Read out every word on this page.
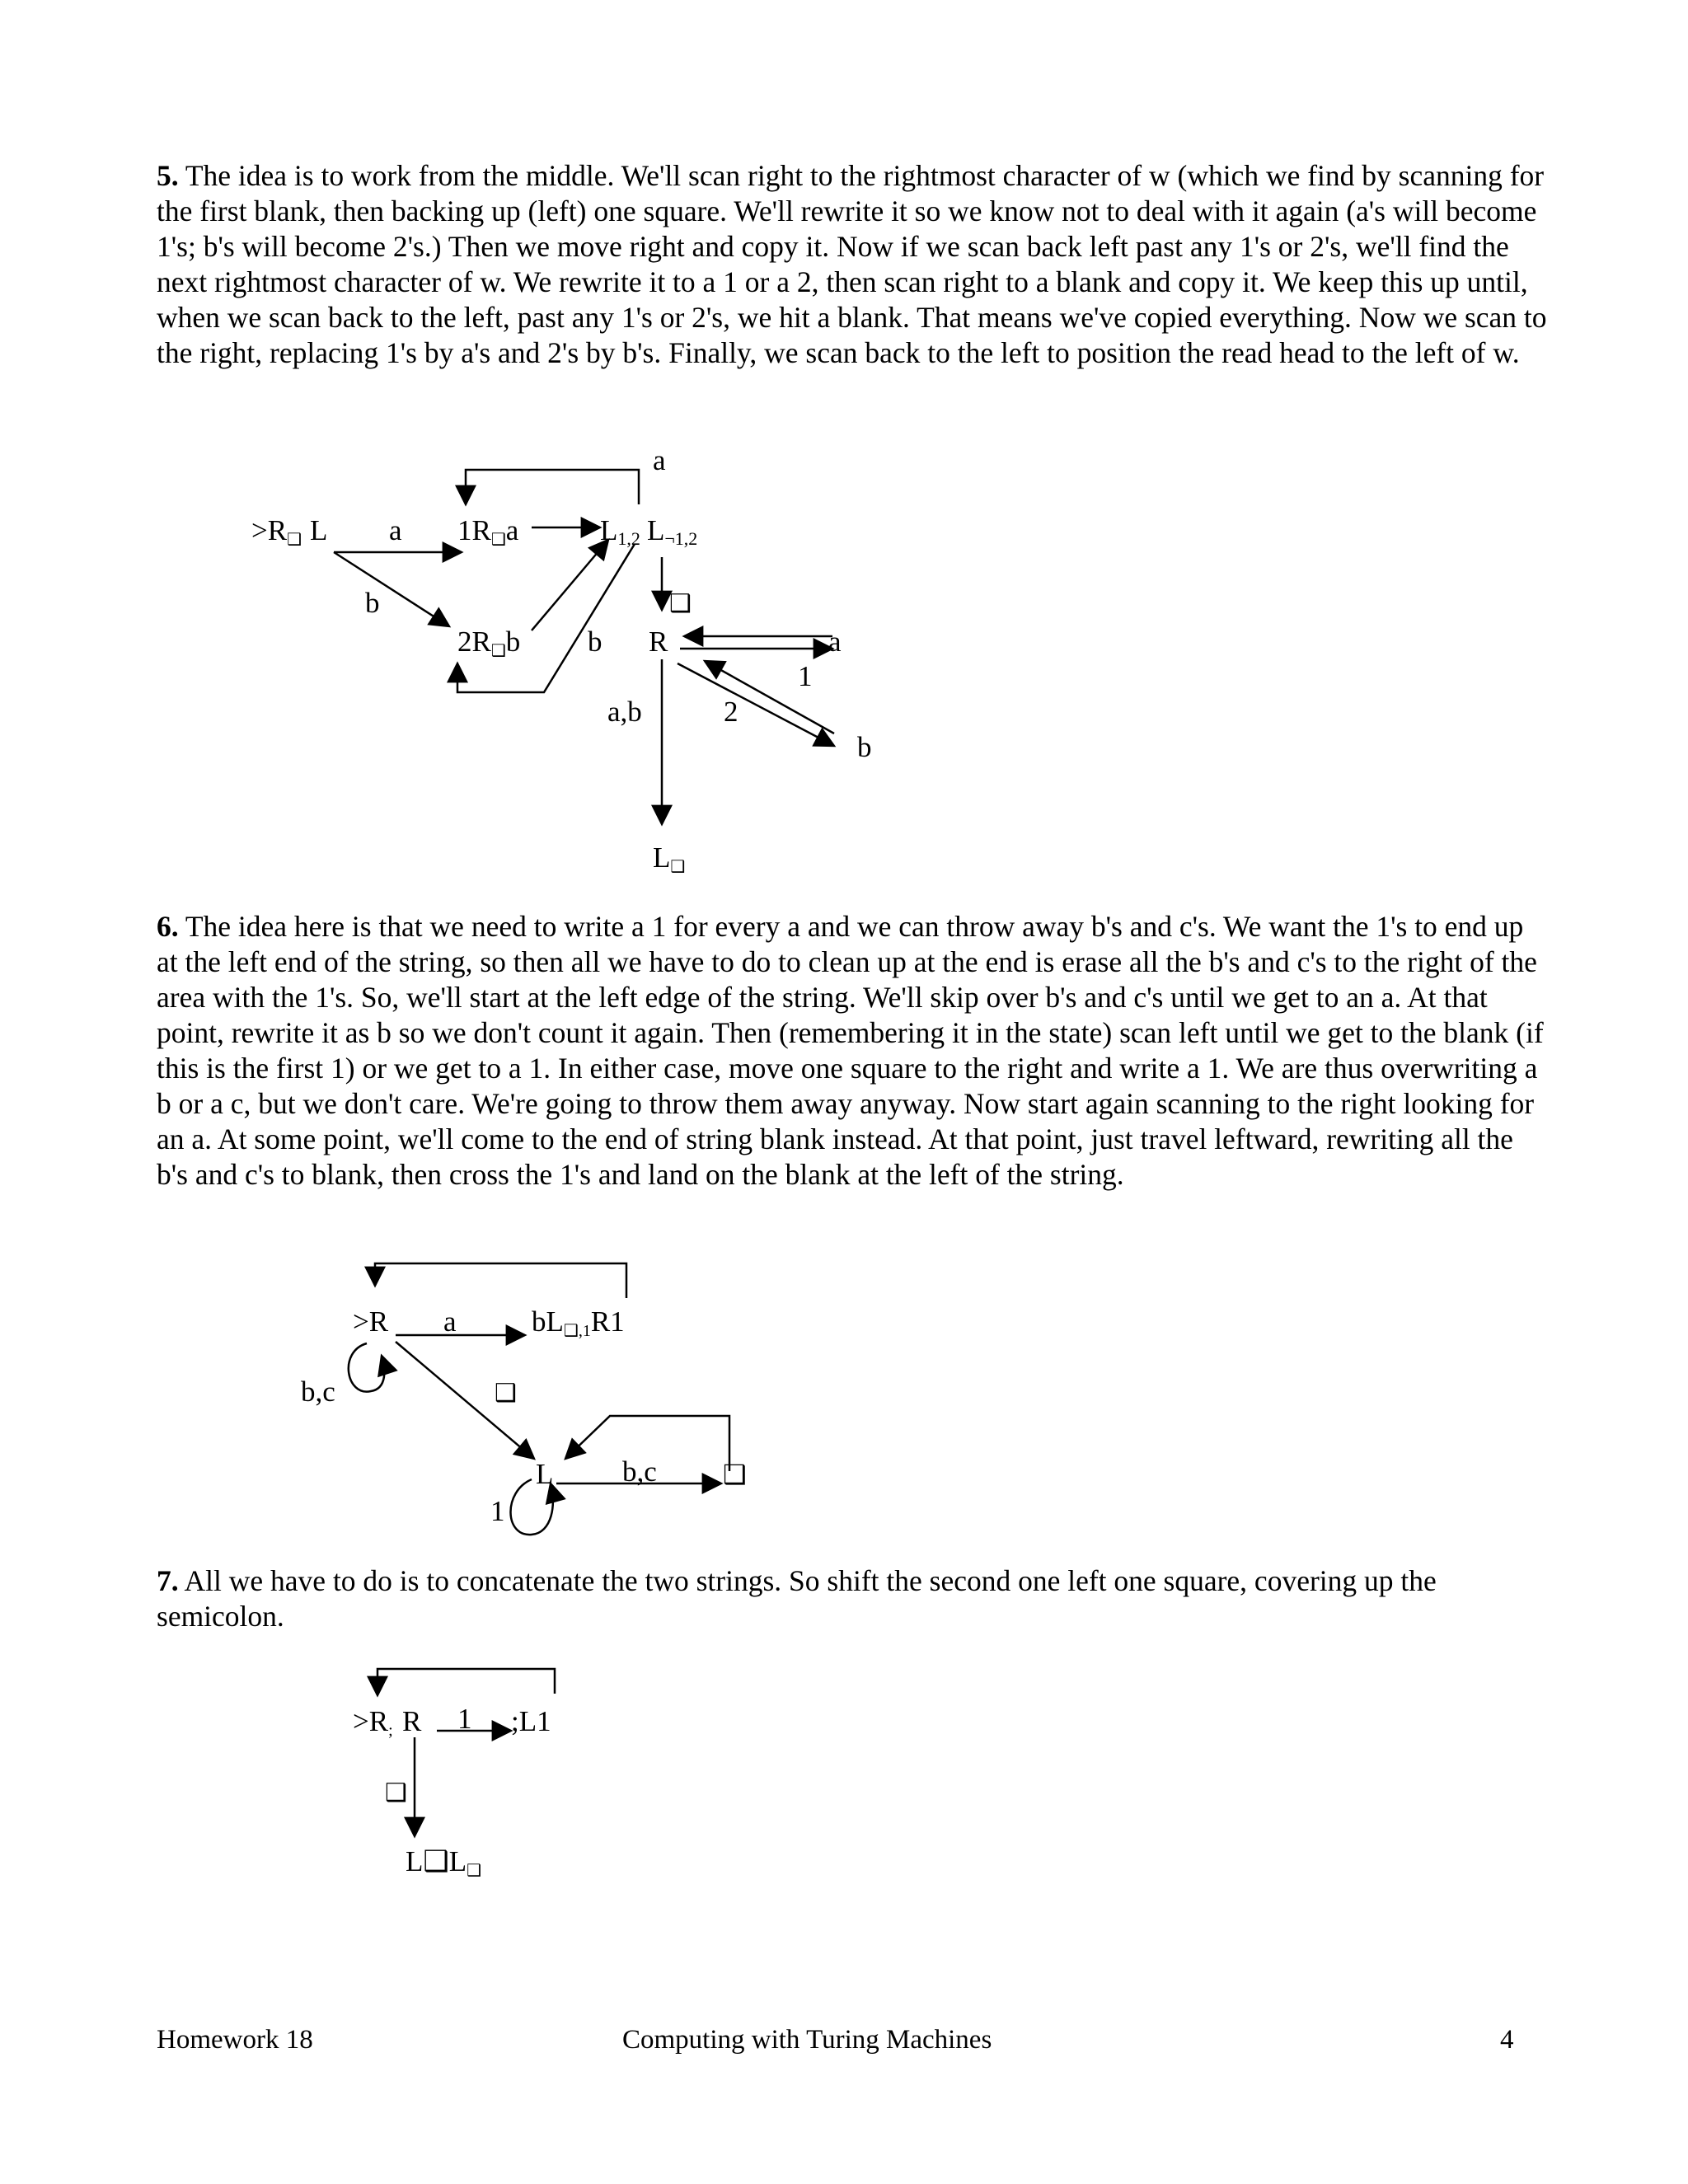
5. The idea is to work from the middle. We'll scan right to the rightmost character of w (which we find by scanning for the first blank, then backing up (left) one square. We'll rewrite it so we know not to deal with it again (a's will become 1's; b's will become 2's.) Then we move right and copy it. Now if we scan back left past any 1's or 2's, we'll find the next rightmost character of w. We rewrite it to a 1 or a 2, then scan right to a blank and copy it. We keep this up until, when we scan back to the left, past any 1's or 2's, we hit a blank. That means we've copied everything. Now we scan to the right, replacing 1's by a's and 2's by b's. Finally, we scan back to the left to position the read head to the left of w.

>R❑ L a
a
1R❑a
b
2R❑b b
L1,2 L¬1,2
❑
R	a
1
2
b
a,b
L❑

6. The idea here is that we need to write a 1 for every a and we can throw away b's and c's. We want the 1's to end up at the left end of the string, so then all we have to do to clean up at the end is erase all the b's and c's to the right of the area with the 1's. So, we'll start at the left edge of the string. We'll skip over b's and c's until we get to an a. At that point, rewrite it as b so we don't count it again. Then (remembering it in the state) scan left until we get to the blank (if this is the first 1) or we get to a 1. In either case, move one square to the right and write a 1. We are thus overwriting a b or a c, but we don't care. We're going to throw them away anyway. Now start again scanning to the right looking for an a. At some point, we'll come to the end of string blank instead. At that point, just travel leftward, rewriting all the b's and c's to blank, then cross the 1's and land on the blank at the left of the string.

>R a	bL❑,1R1
b,c	❑
L b,c	❑
1

7. All we have to do is to concatenate the two strings. So shift the second one left one square, covering up the semicolon.

>R; R 1 ;L1
❑
L❑L❑
Homework 18	Computing with Turing Machines	4
